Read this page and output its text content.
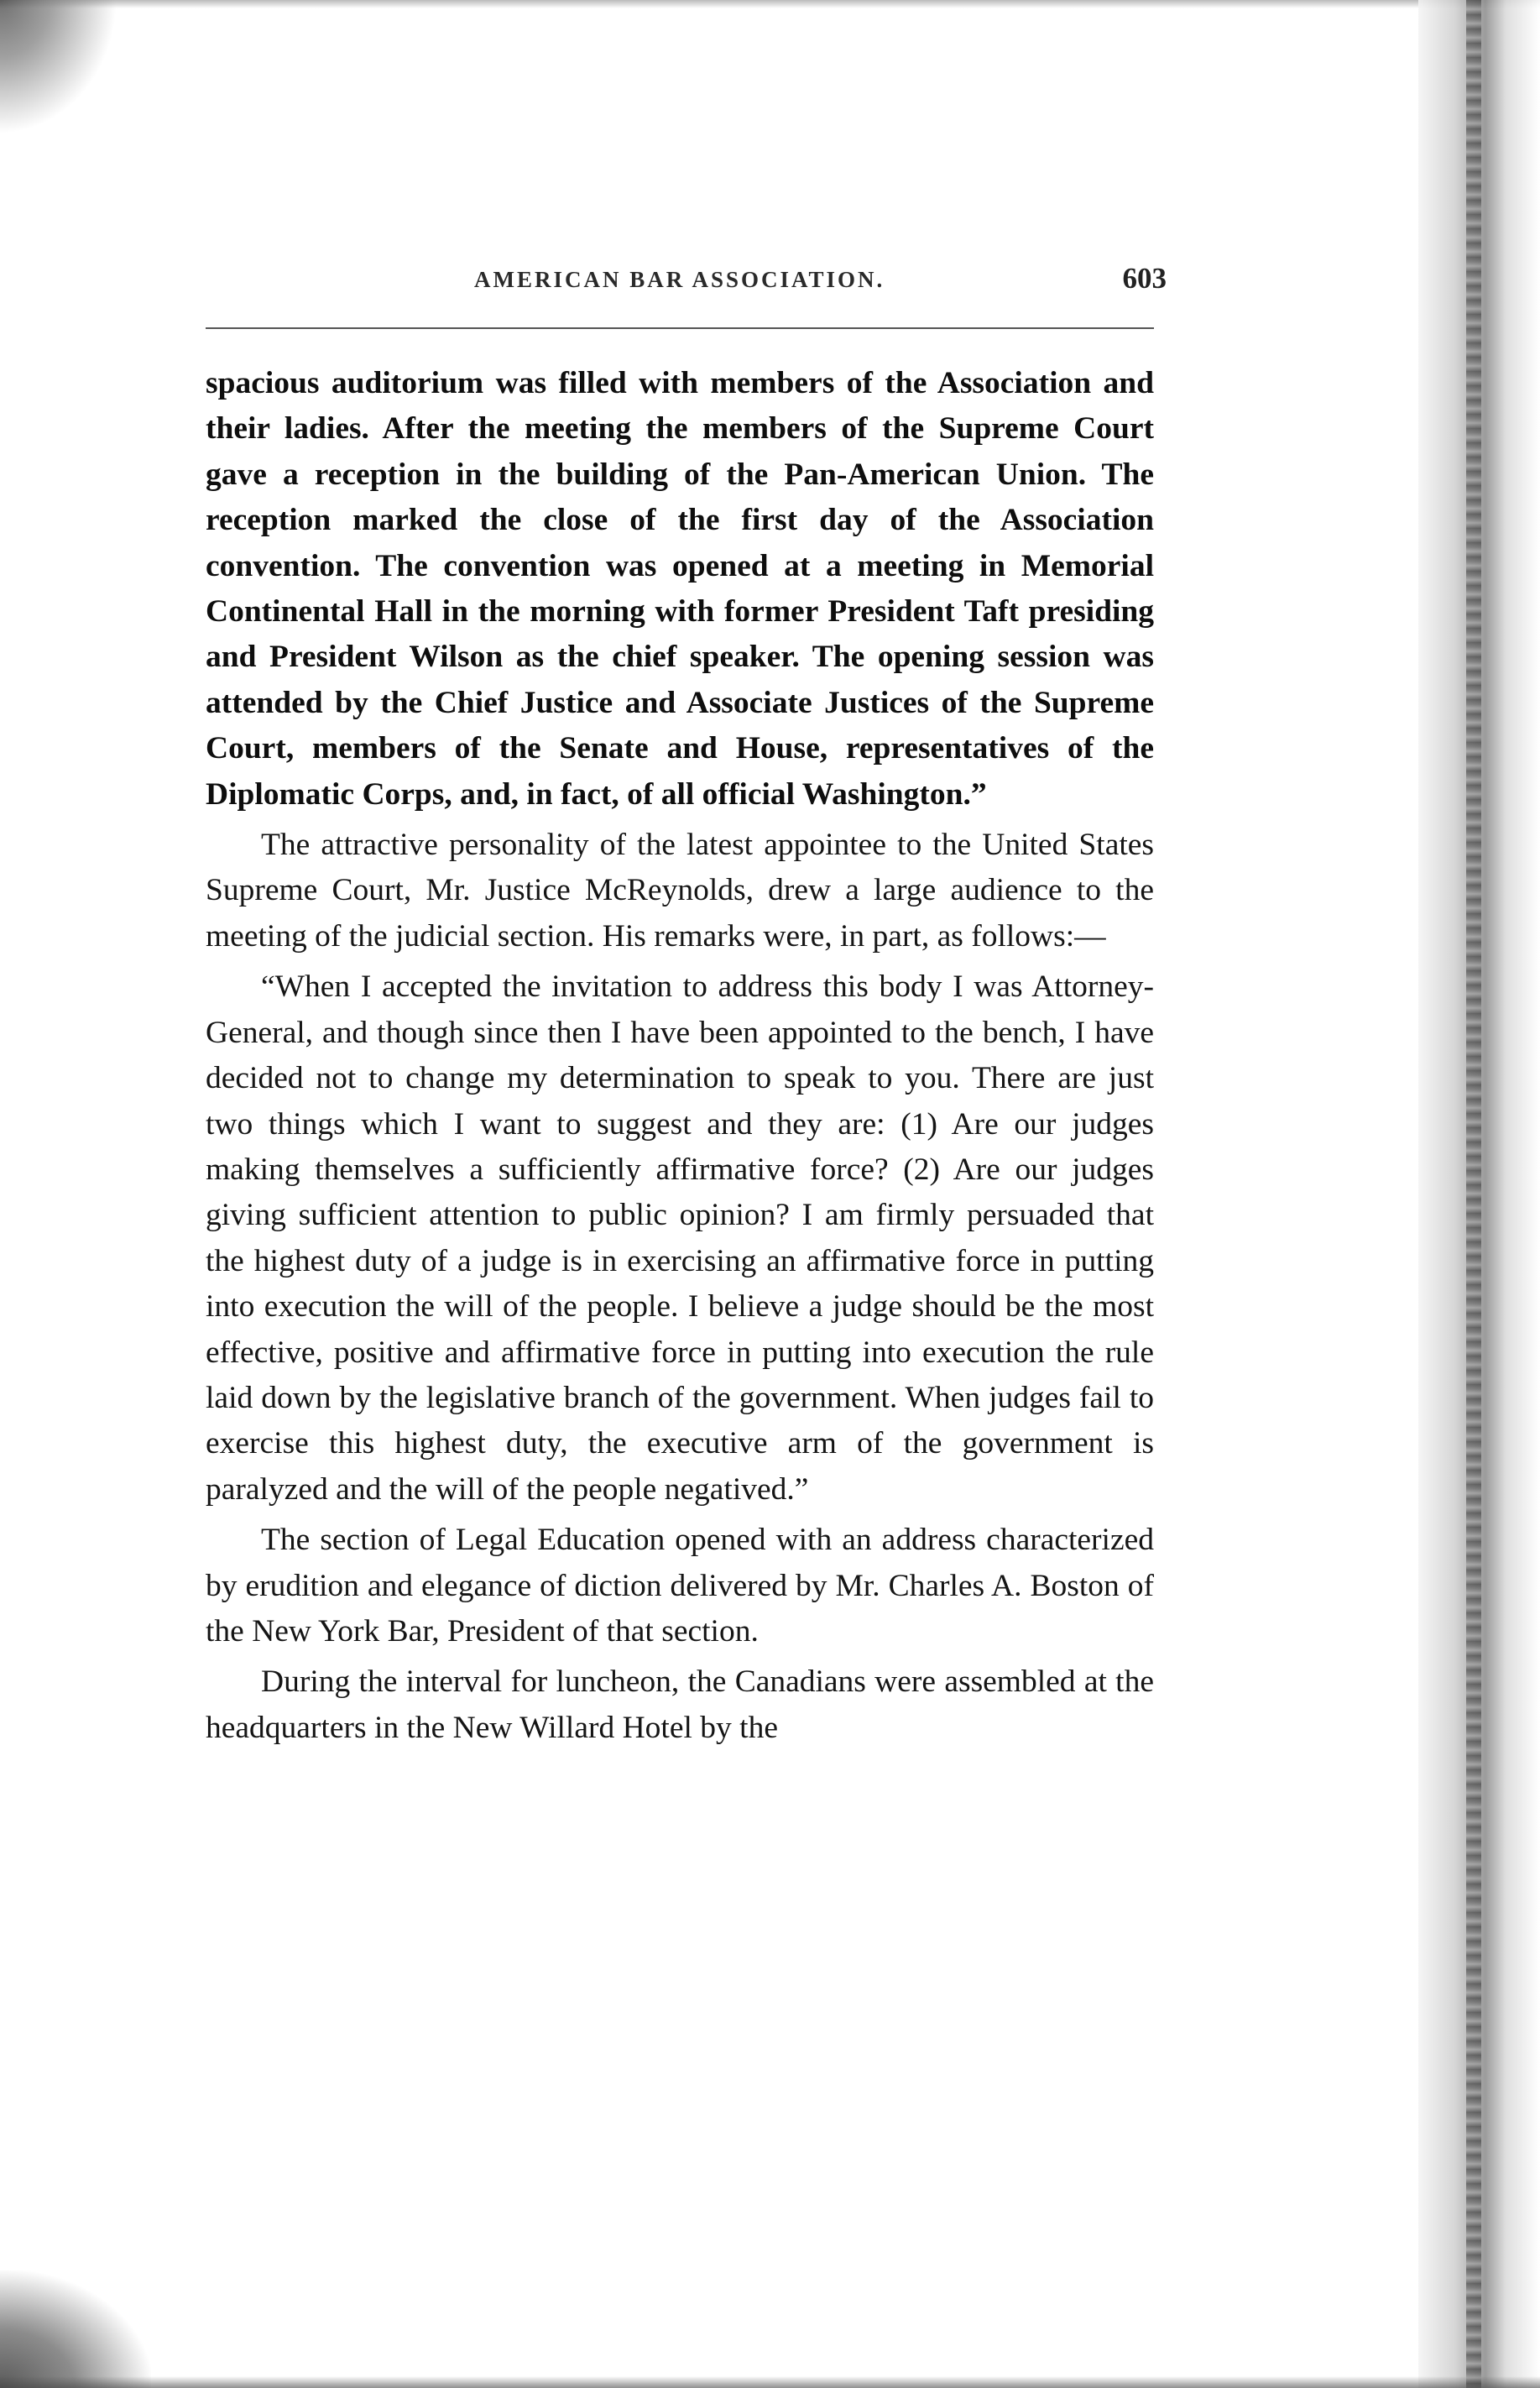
AMERICAN BAR ASSOCIATION.	603

spacious auditorium was filled with members of the Association and their ladies. After the meeting the members of the Supreme Court gave a reception in the building of the Pan-American Union. The reception marked the close of the first day of the Association convention. The convention was opened at a meeting in Memorial Continental Hall in the morning with former President Taft presiding and President Wilson as the chief speaker. The opening session was attended by the Chief Justice and Associate Justices of the Supreme Court, members of the Senate and House, representatives of the Diplomatic Corps, and, in fact, of all official Washington.”

The attractive personality of the latest appointee to the United States Supreme Court, Mr. Justice McReynolds, drew a large audience to the meeting of the judicial section. His remarks were, in part, as follows:—

“When I accepted the invitation to address this body I was Attorney-General, and though since then I have been appointed to the bench, I have decided not to change my determination to speak to you. There are just two things which I want to suggest and they are: (1) Are our judges making themselves a sufficiently affirmative force? (2) Are our judges giving sufficient attention to public opinion? I am firmly persuaded that the highest duty of a judge is in exercising an affirmative force in putting into execution the will of the people. I believe a judge should be the most effective, positive and affirmative force in putting into execution the rule laid down by the legislative branch of the government. When judges fail to exercise this highest duty, the executive arm of the government is paralyzed and the will of the people negatived.”

The section of Legal Education opened with an address characterized by erudition and elegance of diction delivered by Mr. Charles A. Boston of the New York Bar, President of that section.

During the interval for luncheon, the Canadians were assembled at the headquarters in the New Willard Hotel by the
